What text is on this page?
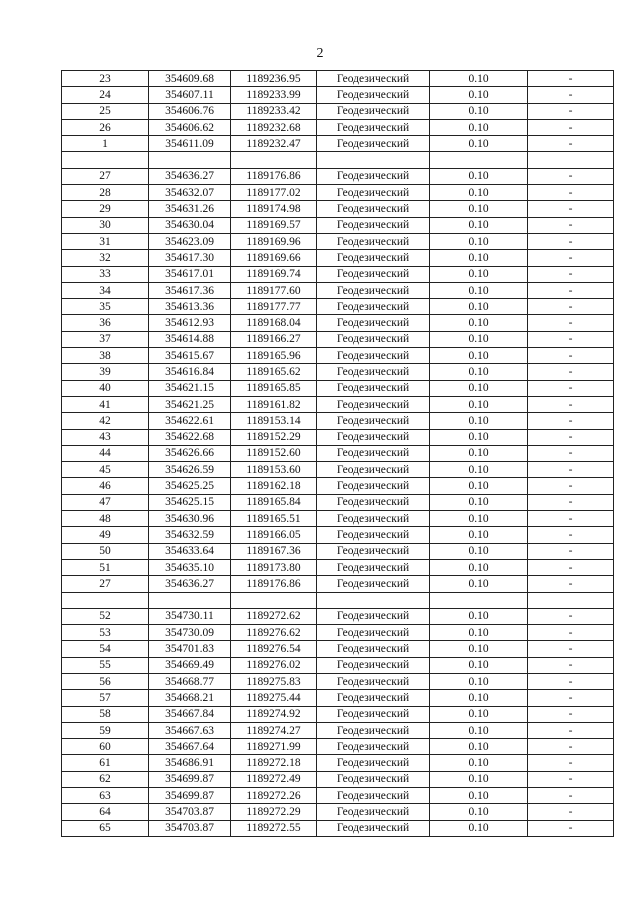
2
23	354609.68	1189236.95	Геодезический	0.10	-
24	354607.11	1189233.99	Геодезический	0.10	-
25	354606.76	1189233.42	Геодезический	0.10	-
26	354606.62	1189232.68	Геодезический	0.10	-
1	354611.09	1189232.47	Геодезический	0.10	-

27	354636.27	1189176.86	Геодезический	0.10	-
28	354632.07	1189177.02	Геодезический	0.10	-
29	354631.26	1189174.98	Геодезический	0.10	-
30	354630.04	1189169.57	Геодезический	0.10	-
31	354623.09	1189169.96	Геодезический	0.10	-
32	354617.30	1189169.66	Геодезический	0.10	-
33	354617.01	1189169.74	Геодезический	0.10	-
34	354617.36	1189177.60	Геодезический	0.10	-
35	354613.36	1189177.77	Геодезический	0.10	-
36	354612.93	1189168.04	Геодезический	0.10	-
37	354614.88	1189166.27	Геодезический	0.10	-
38	354615.67	1189165.96	Геодезический	0.10	-
39	354616.84	1189165.62	Геодезический	0.10	-
40	354621.15	1189165.85	Геодезический	0.10	-
41	354621.25	1189161.82	Геодезический	0.10	-
42	354622.61	1189153.14	Геодезический	0.10	-
43	354622.68	1189152.29	Геодезический	0.10	-
44	354626.66	1189152.60	Геодезический	0.10	-
45	354626.59	1189153.60	Геодезический	0.10	-
46	354625.25	1189162.18	Геодезический	0.10	-
47	354625.15	1189165.84	Геодезический	0.10	-
48	354630.96	1189165.51	Геодезический	0.10	-
49	354632.59	1189166.05	Геодезический	0.10	-
50	354633.64	1189167.36	Геодезический	0.10	-
51	354635.10	1189173.80	Геодезический	0.10	-
27	354636.27	1189176.86	Геодезический	0.10	-

52	354730.11	1189272.62	Геодезический	0.10	-
53	354730.09	1189276.62	Геодезический	0.10	-
54	354701.83	1189276.54	Геодезический	0.10	-
55	354669.49	1189276.02	Геодезический	0.10	-
56	354668.77	1189275.83	Геодезический	0.10	-
57	354668.21	1189275.44	Геодезический	0.10	-
58	354667.84	1189274.92	Геодезический	0.10	-
59	354667.63	1189274.27	Геодезический	0.10	-
60	354667.64	1189271.99	Геодезический	0.10	-
61	354686.91	1189272.18	Геодезический	0.10	-
62	354699.87	1189272.49	Геодезический	0.10	-
63	354699.87	1189272.26	Геодезический	0.10	-
64	354703.87	1189272.29	Геодезический	0.10	-
65	354703.87	1189272.55	Геодезический	0.10	-
